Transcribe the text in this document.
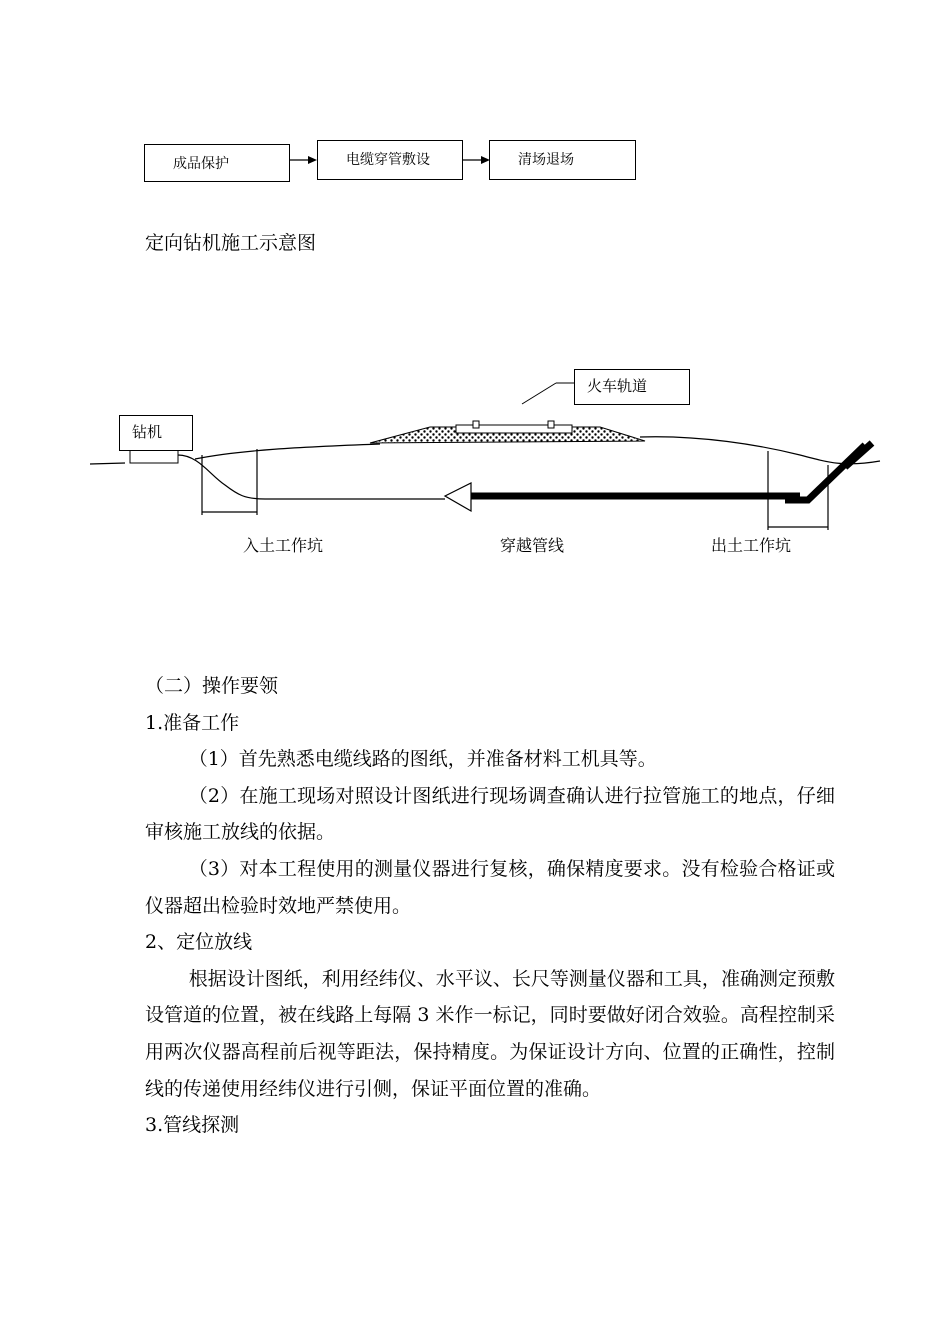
成品保护	电缆穿管敷设	清场退场
定向钻机施工示意图
钻机
火车轨道
入土工作坑	穿越管线	出土工作坑

（二）操作要领

1.准备工作

（1）首先熟悉电缆线路的图纸，并准备材料工机具等。

（2）在施工现场对照设计图纸进行现场调查确认进行拉管施工的地点，仔细审核施工放线的依据。

（3）对本工程使用的测量仪器进行复核，确保精度要求。没有检验合格证或仪器超出检验时效地严禁使用。

2、定位放线

根据设计图纸，利用经纬仪、水平议、长尺等测量仪器和工具，准确测定预敷设管道的位置，被在线路上每隔 3 米作一标记，同时要做好闭合效验。高程控制采用两次仪器高程前后视等距法，保持精度。为保证设计方向、位置的正确性，控制线的传递使用经纬仪进行引侧，保证平面位置的准确。

3.管线探测
